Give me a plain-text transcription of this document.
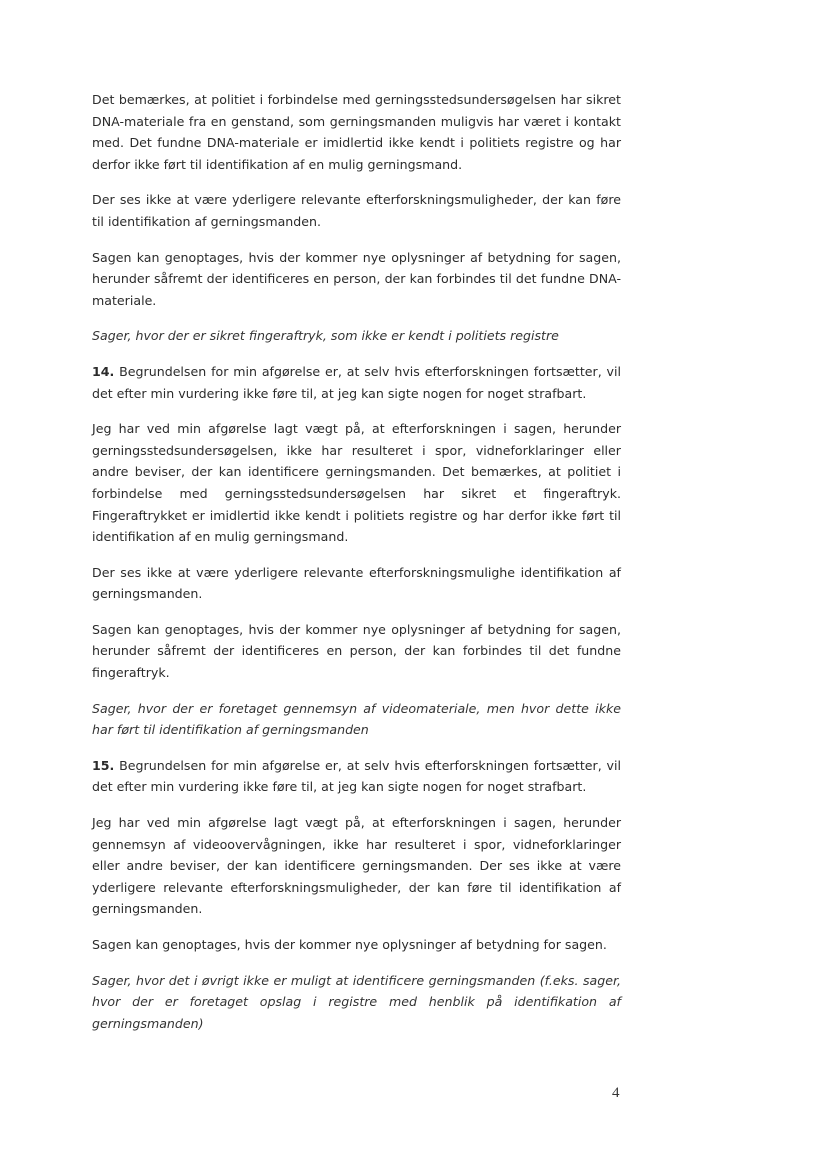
Det bemærkes, at politiet i forbindelse med gerningsstedsundersøgelsen har sikret DNA-materiale fra en genstand, som gerningsmanden muligvis har været i kontakt med. Det fundne DNA-materiale er imidlertid ikke kendt i politiets registre og har derfor ikke ført til identifikation af en mulig gerningsmand.

Der ses ikke at være yderligere relevante efterforskningsmuligheder, der kan føre til identifikation af gerningsmanden.

Sagen kan genoptages, hvis der kommer nye oplysninger af betydning for sagen, herunder såfremt der identificeres en person, der kan forbindes til det fundne DNA-materiale.

Sager, hvor der er sikret fingeraftryk, som ikke er kendt i politiets registre

14. Begrundelsen for min afgørelse er, at selv hvis efterforskningen fortsætter, vil det efter min vurdering ikke føre til, at jeg kan sigte nogen for noget strafbart.

Jeg har ved min afgørelse lagt vægt på, at efterforskningen i sagen, herunder gerningsstedsundersøgelsen, ikke har resulteret i spor, vidneforklaringer eller andre beviser, der kan identificere gerningsmanden. Det bemærkes, at politiet i forbindelse med gerningsstedsundersøgelsen har sikret et fingeraftryk. Fingeraftrykket er imidlertid ikke kendt i politiets registre og har derfor ikke ført til identifikation af en mulig gerningsmand.

Der ses ikke at være yderligere relevante efterforskningsmulighe identifikation af gerningsmanden.

Sagen kan genoptages, hvis der kommer nye oplysninger af betydning for sagen, herunder såfremt der identificeres en person, der kan forbindes til det fundne fingeraftryk.

Sager, hvor der er foretaget gennemsyn af videomateriale, men hvor dette ikke har ført til identifikation af gerningsmanden

15. Begrundelsen for min afgørelse er, at selv hvis efterforskningen fortsætter, vil det efter min vurdering ikke føre til, at jeg kan sigte nogen for noget strafbart.

Jeg har ved min afgørelse lagt vægt på, at efterforskningen i sagen, herunder gennemsyn af videoovervågningen, ikke har resulteret i spor, vidneforklaringer eller andre beviser, der kan identificere gerningsmanden. Der ses ikke at være yderligere relevante efterforskningsmuligheder, der kan føre til identifikation af gerningsmanden.

Sagen kan genoptages, hvis der kommer nye oplysninger af betydning for sagen.

Sager, hvor det i øvrigt ikke er muligt at identificere gerningsmanden (f.eks. sager, hvor der er foretaget opslag i registre med henblik på identifikation af gerningsmanden)

4
